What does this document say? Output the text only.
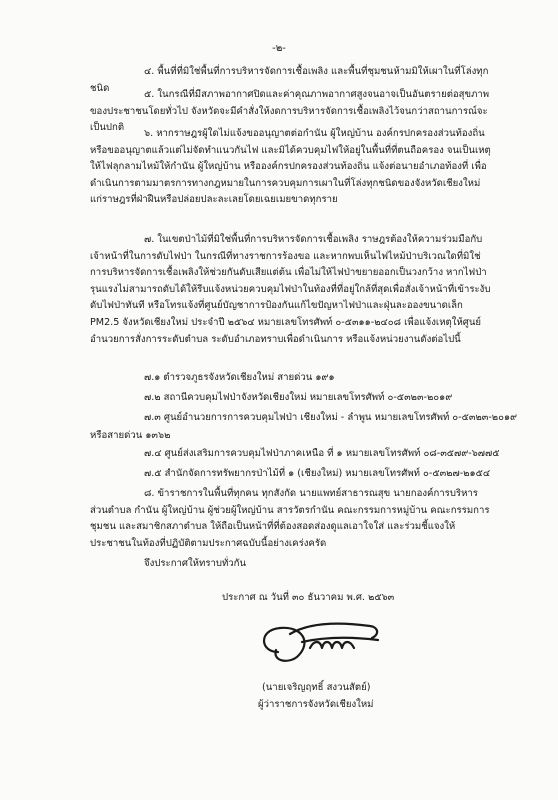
-๒-
๔. พื้นที่ที่มิใช่พื้นที่การบริหารจัดการเชื้อเพลิง และพื้นที่ชุมชนห้ามมิให้เผาในที่โล่งทุกชนิด
๕. ในกรณีที่มีสภาพอากาศปิดและค่าคุณภาพอากาศสูงจนอาจเป็นอันตรายต่อสุขภาพของประชาชนโดยทั่วไป จังหวัดจะมีคำสั่งให้งดการบริหารจัดการเชื้อเพลิงไว้จนกว่าสถานการณ์จะเป็นปกติ
๖. หากราษฎรผู้ใดไม่แจ้งขออนุญาตต่อกำนัน ผู้ใหญ่บ้าน องค์กรปกครองส่วนท้องถิ่น หรือขออนุญาตแล้วแต่ไม่จัดทำแนวกันไฟ และมิได้ควบคุมไฟให้อยู่ในพื้นที่ที่ตนถือครอง จนเป็นเหตุให้ไฟลุกลามไหม้ให้กำนัน ผู้ใหญ่บ้าน หรือองค์กรปกครองส่วนท้องถิ่น แจ้งต่อนายอำเภอท้องที่ เพื่อดำเนินการตามมาตรการทางกฎหมายในการควบคุมการเผาในที่โล่งทุกชนิดของจังหวัดเชียงใหม่ แก่ราษฎรที่ฝ่าฝืนหรือปล่อยปละละเลยโดยเฉยเมยขาดทุกราย
๗. ในเขตป่าไม้ที่มิใช่พื้นที่การบริหารจัดการเชื้อเพลิง ราษฎรต้องให้ความร่วมมือกับเจ้าหน้าที่ในการดับไฟป่า ในกรณีที่ทางราชการร้องขอ และหากพบเห็นไฟไหม้ป่าบริเวณใดที่มิใช่การบริหารจัดการเชื้อเพลิงให้ช่วยกันดับเสียแต่ต้น เพื่อไม่ให้ไฟป่าขยายออกเป็นวงกว้าง หากไฟป่ารุนแรงไม่สามารถดับได้ให้รีบแจ้งหน่วยควบคุมไฟป่าในท้องที่ที่อยู่ใกล้ที่สุดเพื่อสั่งเจ้าหน้าที่เข้าระงับดับไฟป่าทันที หรือโทรแจ้งที่ศูนย์บัญชาการป้องกันแก้ไขปัญหาไฟป่าและฝุ่นละอองขนาดเล็ก PM2.5 จังหวัดเชียงใหม่ ประจำปี ๒๕๖๔ หมายเลขโทรศัพท์ ๐-๕๓๑๑-๒๔๐๘ เพื่อแจ้งเหตุให้ศูนย์อำนวยการสั่งการระดับตำบล ระดับอำเภอทราบเพื่อดำเนินการ หรือแจ้งหน่วยงานดังต่อไปนี้
๗.๑ ตำรวจภูธรจังหวัดเชียงใหม่ สายด่วน ๑๙๑
๗.๒ สถานีควบคุมไฟป่าจังหวัดเชียงใหม่ หมายเลขโทรศัพท์ ๐-๕๓๒๓-๒๐๑๙
๗.๓ ศูนย์อำนวยการการควบคุมไฟป่า เชียงใหม่ - ลำพูน หมายเลขโทรศัพท์ ๐-๕๓๒๓-๒๐๑๙
หรือสายด่วน ๑๓๖๒
๗.๔ ศูนย์ส่งเสริมการควบคุมไฟป่าภาคเหนือ ที่ ๑ หมายเลขโทรศัพท์ ๐๘-๓๕๗๙-๖๗๗๕
๗.๕ สำนักจัดการทรัพยากรป่าไม้ที่ ๑ (เชียงใหม่) หมายเลขโทรศัพท์ ๐-๕๓๒๗-๒๑๕๔
๘. ข้าราชการในพื้นที่ทุกคน ทุกสังกัด นายแพทย์สาธารณสุข นายกองค์การบริหารส่วนตำบล กำนัน ผู้ใหญ่บ้าน ผู้ช่วยผู้ใหญ่บ้าน สารวัตรกำนัน คณะกรรมการหมู่บ้าน คณะกรรมการชุมชน และสมาชิกสภาตำบล ให้ถือเป็นหน้าที่ที่ต้องสอดส่องดูแลเอาใจใส่ และร่วมชี้แจงให้ประชาชนในท้องที่ปฏิบัติตามประกาศฉบับนี้อย่างเคร่งครัด
จึงประกาศให้ทราบทั่วกัน
ประกาศ ณ วันที่ ๓๐ ธันวาคม พ.ศ. ๒๕๖๓
(นายเจริญฤทธิ์ สงวนสัตย์)
ผู้ว่าราชการจังหวัดเชียงใหม่
